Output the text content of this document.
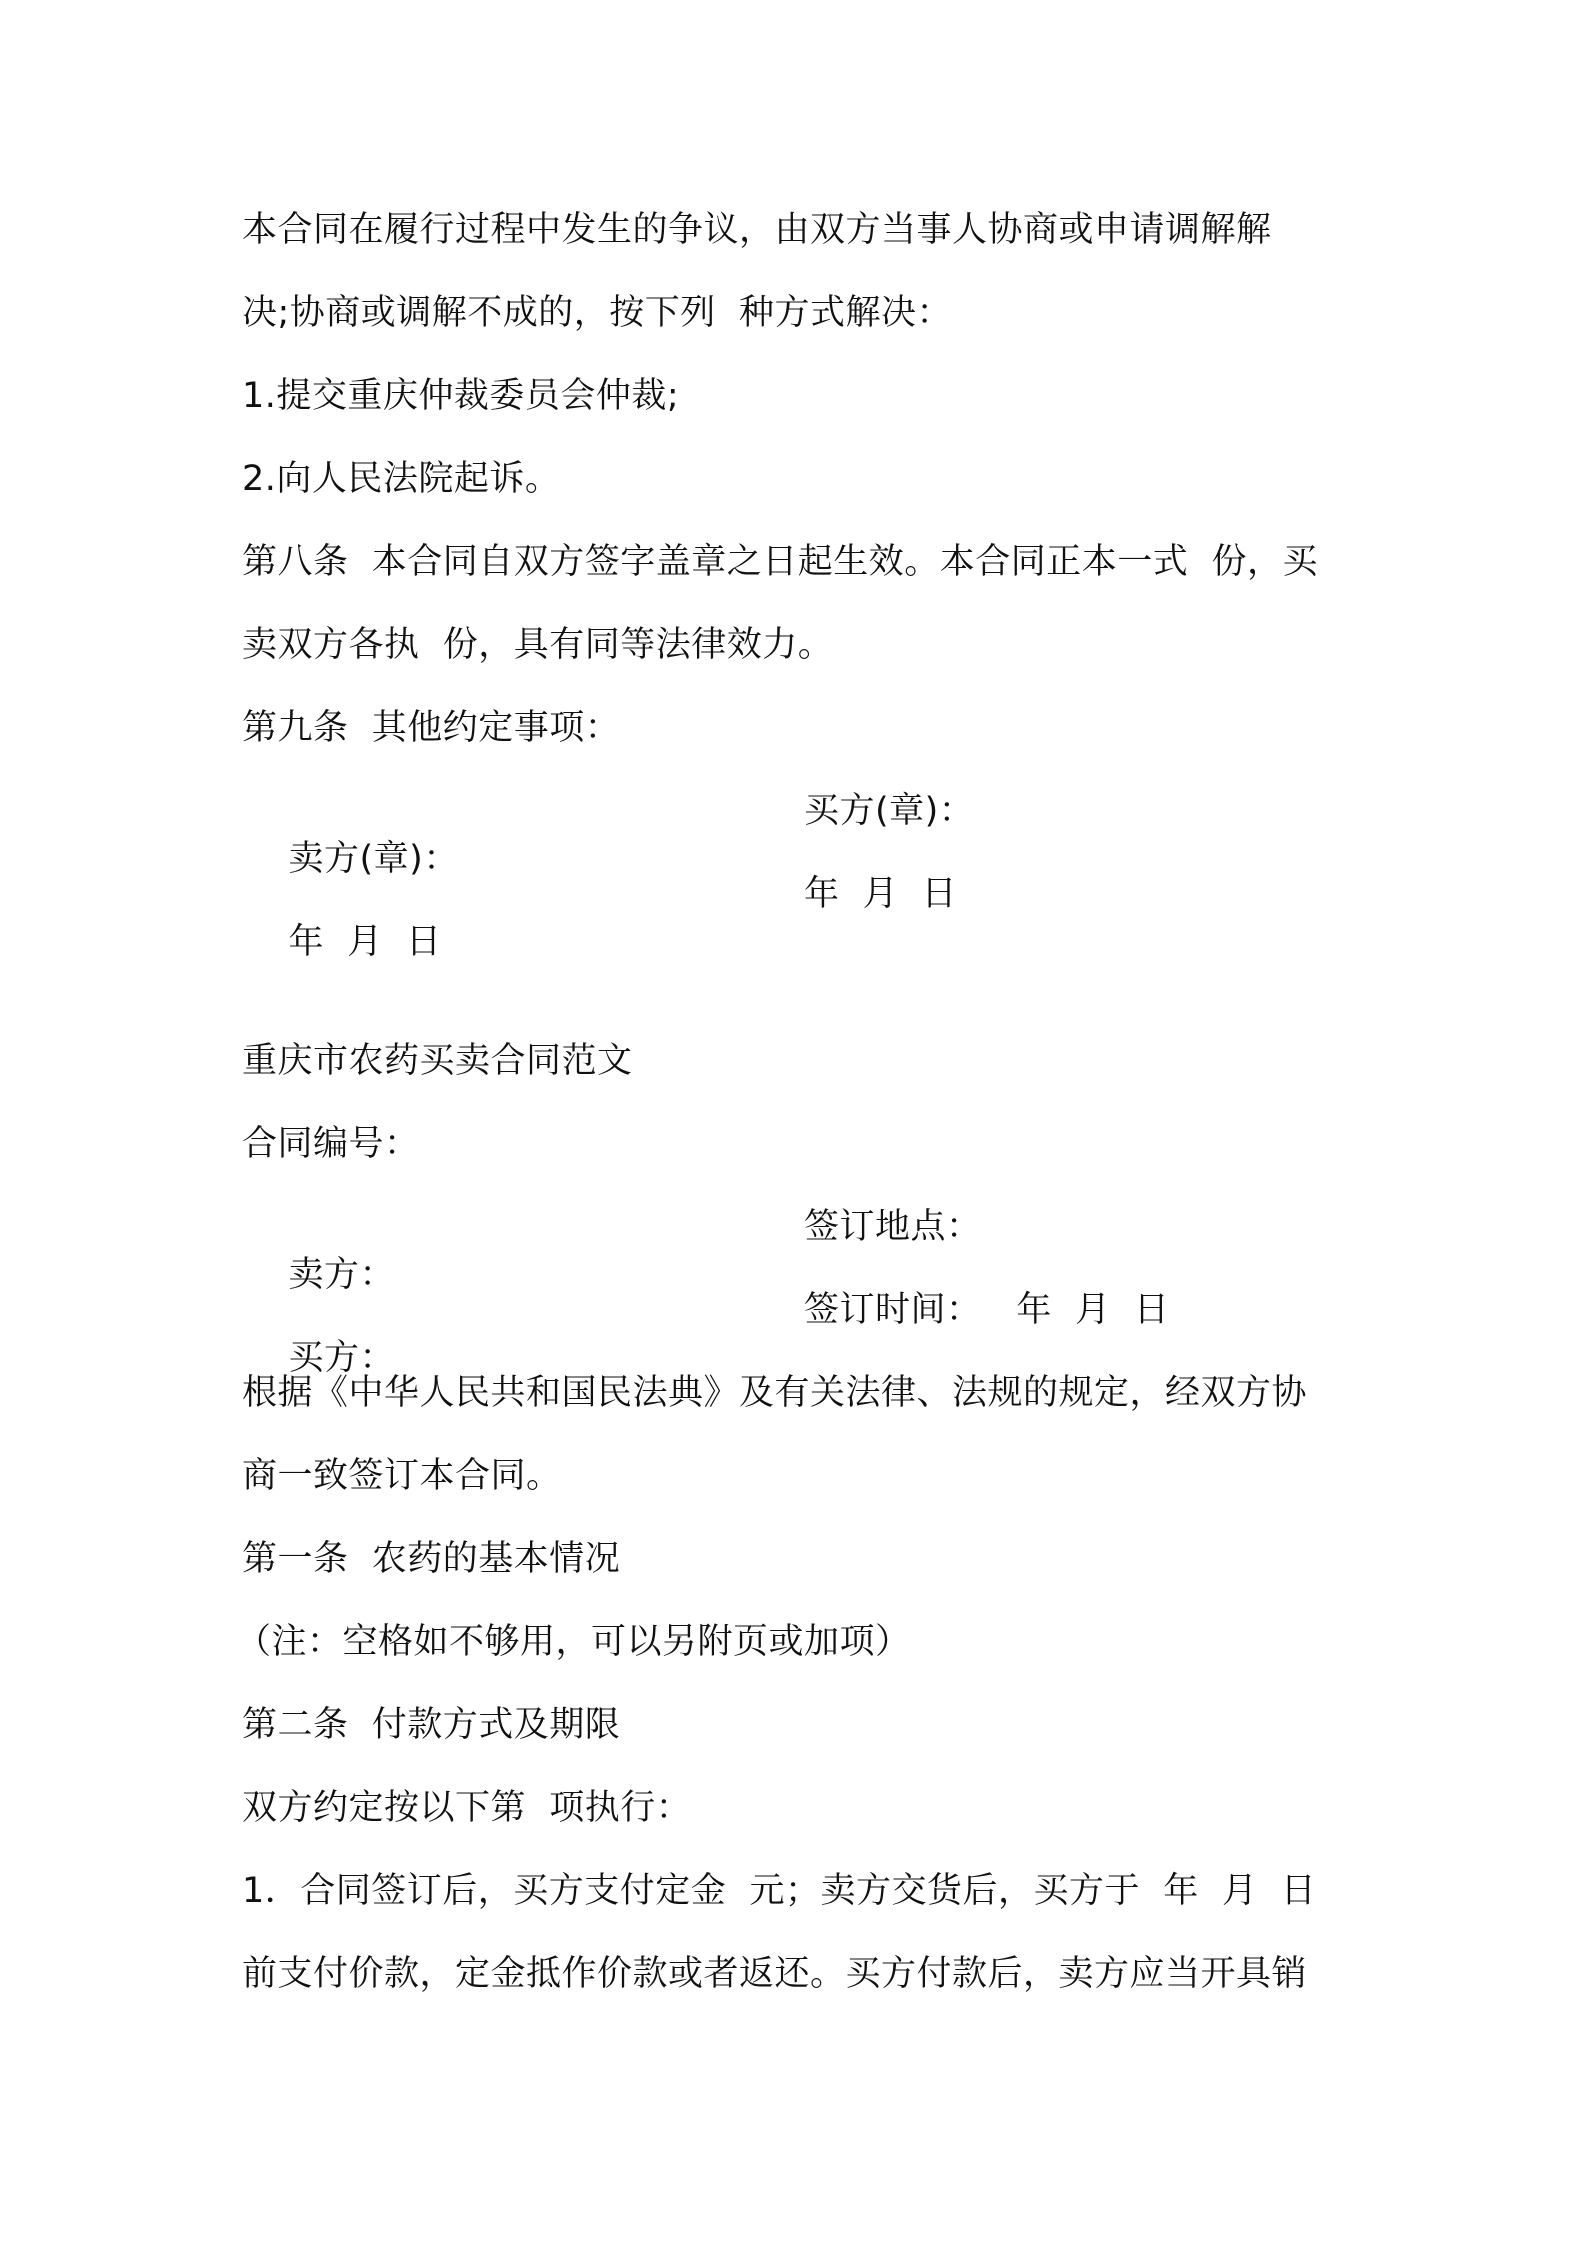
本合同在履行过程中发生的争议，由双方当事人协商或申请调解解
决;协商或调解不成的，按下列  种方式解决：
1.提交重庆仲裁委员会仲裁;
2.向人民法院起诉。
第八条  本合同自双方签字盖章之日起生效。本合同正本一式  份，买
卖双方各执  份，具有同等法律效力。
第九条  其他约定事项：

卖方(章)：

买方(章)：

年  月  日

年  月  日

重庆市农药买卖合同范文
合同编号：

卖方：

签订地点：

买方：

签订时间：   年  月  日

根据《中华人民共和国民法典》及有关法律、法规的规定，经双方协
商一致签订本合同。
第一条  农药的基本情况
（注：空格如不够用，可以另附页或加项）
第二条  付款方式及期限
双方约定按以下第  项执行：
1．合同签订后，买方支付定金  元；卖方交货后，买方于  年  月  日
前支付价款，定金抵作价款或者返还。买方付款后，卖方应当开具销
